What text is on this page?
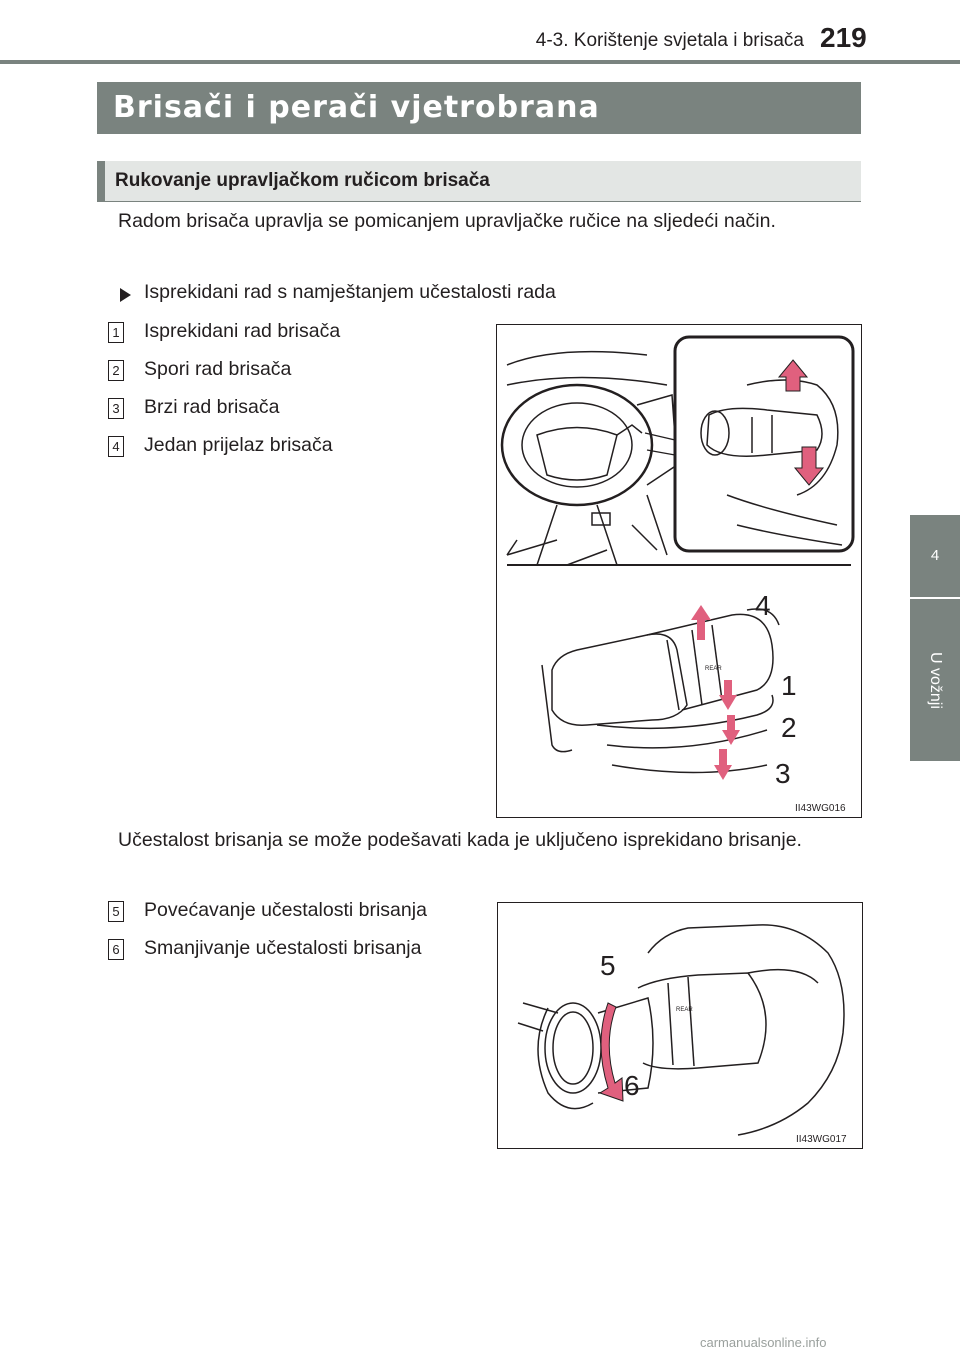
4-3. Korištenje svjetala i brisača 219
4
U vožnji
Brisači i perači vjetrobrana
Rukovanje upravljačkom ručicom brisača
Radom brisača upravlja se pomicanjem upravljačke ručice na sljedeći način.
Isprekidani rad s namještanjem učestalosti rada
1 Isprekidani rad brisača
2 Spori rad brisača
3 Brzi rad brisača
4 Jedan prijelaz brisača
REAR
4
1
2
3
II43WG016
Učestalost brisanja se može podešavati kada je uključeno isprekidano brisanje.
5 Povećavanje učestalosti brisanja
6 Smanjivanje učestalosti brisanja
REAR
5
6
II43WG017
carmanualsonline.info
